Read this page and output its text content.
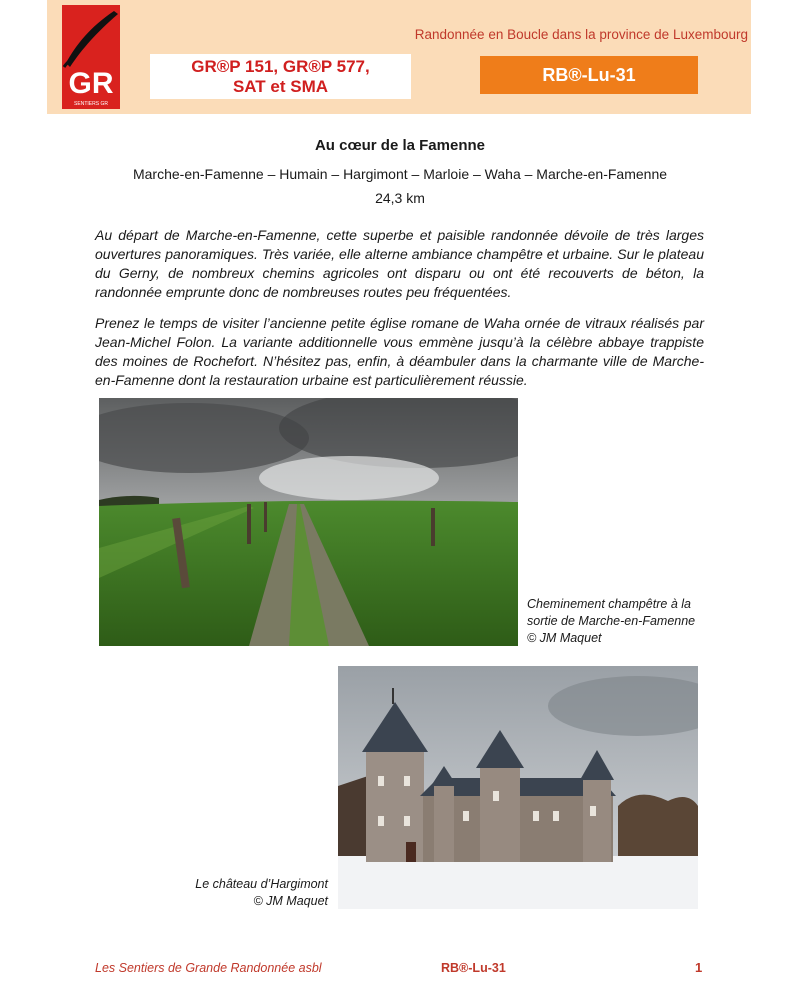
GR
SENTIERS GR
Randonnée en Boucle dans la province de Luxembourg
GR®P 151, GR®P 577,
SAT et SMA
RB®-Lu-31
Au cœur de la Famenne
Marche-en-Famenne – Humain – Hargimont – Marloie – Waha – Marche-en-Famenne
24,3 km

Au départ de Marche-en-Famenne, cette superbe et paisible randonnée dévoile de très larges ouvertures panoramiques. Très variée, elle alterne ambiance champêtre et urbaine. Sur le plateau du Gerny, de nombreux chemins agricoles ont disparu ou ont été recouverts de béton, la randonnée emprunte donc de nombreuses routes peu fréquentées.

Prenez le temps de visiter l’ancienne petite église romane de Waha ornée de vitraux réalisés par Jean-Michel Folon. La variante additionnelle vous emmène jusqu’à la célèbre abbaye trappiste des moines de Rochefort. N’hésitez pas, enfin, à déambuler dans la charmante ville de Marche-en-Famenne dont la restauration urbaine est particulièrement réussie.

Cheminement champêtre à la
sortie de Marche-en-Famenne
© JM Maquet
Le château d’Hargimont
© JM Maquet
Les Sentiers de Grande Randonnée asbl	RB®-Lu-31	1
